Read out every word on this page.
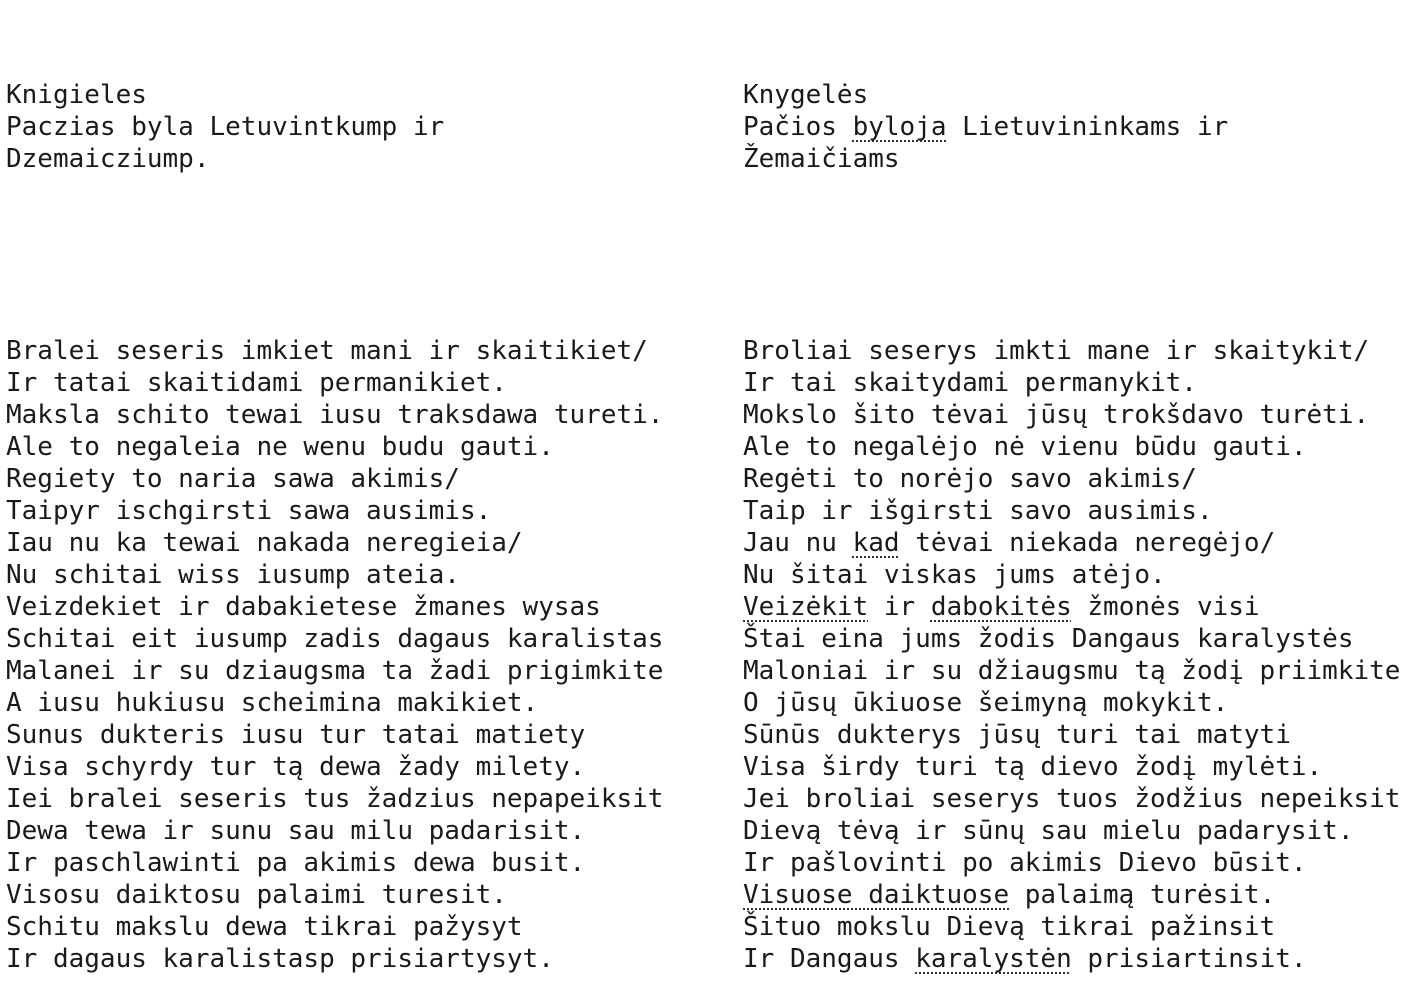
Knigieles
Paczias byla Letuvintkump ir
Dzemaicziump.

Bralei seseris imkiet mani ir skaitikiet/
Ir tatai skaitidami permanikiet.
Maksla schito tewai iusu traksdawa tureti.
Ale to negaleia ne wenu budu gauti.
Regiety to naria sawa akimis/
Taipyr ischgirsti sawa ausimis.
Iau nu ka tewai nakada neregieia/
Nu schitai wiss iusump ateia.
Veizdekiet ir dabakietese žmanes wysas
Schitai eit iusump zadis dagaus karalistas
Malanei ir su dziaugsma ta žadi prigimkite
A iusu hukiusu scheimina makikiet.
Sunus dukteris iusu tur tatai matiety
Visa schyrdy tur tą dewa žady milety.
Iei bralei seseris tus žadzius nepapeiksit
Dewa tewa ir sunu sau milu padarisit.
Ir paschlawinti pa akimis dewa busit.
Visosu daiktosu palaimi turesit.
Schitu makslu dewa tikrai pažysyt
Ir dagaus karalistasp prisiartysyt.

Knygelės
Pačios byloja Lietuvininkams ir
Žemaičiams

Broliai seserys imkti mane ir skaitykit/
Ir tai skaitydami permanykit.
Mokslo šito tėvai jūsų trokšdavo turėti.
Ale to negalėjo nė vienu būdu gauti.
Regėti to norėjo savo akimis/
Taip ir išgirsti savo ausimis.
Jau nu kad tėvai niekada neregėjo/
Nu šitai viskas jums atėjo.
Veizėkit ir dabokitės žmonės visi
Štai eina jums žodis Dangaus karalystės
Maloniai ir su džiaugsmu tą žodį priimkite
O jūsų ūkiuose šeimyną mokykit.
Sūnūs dukterys jūsų turi tai matyti
Visa širdy turi tą dievo žodį mylėti.
Jei broliai seserys tuos žodžius nepeiksit
Dievą tėvą ir sūnų sau mielu padarysit.
Ir pašlovinti po akimis Dievo būsit.
Visuose daiktuose palaimą turėsit.
Šituo mokslu Dievą tikrai pažinsit
Ir Dangaus karalystėn prisiartinsit.
